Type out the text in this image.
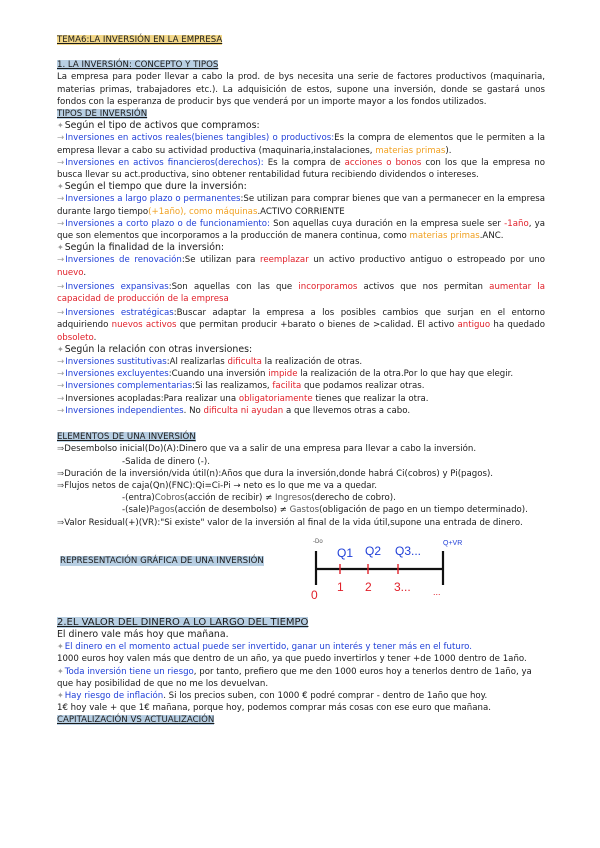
TEMA6:LA INVERSIÓN EN LA EMPRESA

1. LA INVERSIÓN: CONCEPTO Y TIPOS

La empresa para poder llevar a cabo la prod. de bys necesita una serie de factores productivos (maquinaria, materias primas, trabajadores etc.). La adquisición de estos, supone una inversión, donde se gastará unos fondos con la esperanza de producir bys que venderá por un importe mayor a los fondos utilizados.

TIPOS DE INVERSIÓN

✦Según el tipo de activos que compramos:

→Inversiones en activos reales(bienes tangibles) o productivos:Es la compra de elementos que le permiten a la empresa llevar a cabo su actividad productiva (maquinaria,instalaciones, materias primas).

→Inversiones en activos financieros(derechos): Es la compra de acciones o bonos con los que la empresa no busca llevar su act.productiva, sino obtener rentabilidad futura recibiendo dividendos o intereses.

✦Según el tiempo que dure la inversión:

→Inversiones a largo plazo o permanentes:Se utilizan para comprar bienes que van a permanecer en la empresa durante largo tiempo(+1año), como máquinas.ACTIVO CORRIENTE

→Inversiones a corto plazo o de funcionamiento: Son aquellas cuya duración en la empresa suele ser -1año, ya que son elementos que incorporamos a la producción de manera continua, como materias primas.ANC.

✦Según la finalidad de la inversión:

→Inversiones de renovación:Se utilizan para reemplazar un activo productivo antiguo o estropeado por uno nuevo.

→Inversiones expansivas:Son aquellas con las que incorporamos activos que nos permitan aumentar la capacidad de producción de la empresa

→Inversiones estratégicas:Buscar adaptar la empresa a los posibles cambios que surjan en el entorno adquiriendo nuevos activos que permitan producir +barato o bienes de >calidad. El activo antiguo ha quedado obsoleto.

✦Según la relación con otras inversiones:

→Inversiones sustitutivas:Al realizarlas dificulta la realización de otras.

→Inversiones excluyentes:Cuando una inversión impide la realización de la otra.Por lo que hay que elegir.

→Inversiones complementarias:Si las realizamos, facilita que podamos realizar otras.

→Inversiones acopladas:Para realizar una obligatoriamente tienes que realizar la otra.

→Inversiones independientes. No dificulta ni ayudan a que llevemos otras a cabo.

ELEMENTOS DE UNA INVERSIÓN

⇒Desembolso inicial(Do)(A):Dinero que va a salir de una empresa para llevar a cabo la inversión.

-Salida de dinero (-).

⇒Duración de la inversión/vida útil(n):Años que dura la inversión,donde habrá Ci(cobros) y Pi(pagos).

⇒Flujos netos de caja(Qn)(FNC):Qi=Ci-Pi → neto es lo que me va a quedar.

-(entra)Cobros(acción de recibir) ≠ Ingresos(derecho de cobro).

-(sale)Pagos(acción de desembolso) ≠ Gastos(obligación de pago en un tiempo determinado).

⇒Valor Residual(+)(VR):"Si existe" valor de la inversión al final de la vida útil,supone una entrada de dinero.

REPRESENTACIÓN GRÁFICA DE UNA INVERSIÓN

-Do
Q1 Q2 Q3...
Q+VR
0
1 2 3... ...

2.EL VALOR DEL DINERO A LO LARGO DEL TIEMPO

El dinero vale más hoy que mañana.

✦El dinero en el momento actual puede ser invertido, ganar un interés y tener más en el futuro.

1000 euros hoy valen más que dentro de un año, ya que puedo invertirlos y tener +de 1000 dentro de 1año.

✦Toda inversión tiene un riesgo, por tanto, prefiero que me den 1000 euros hoy a tenerlos dentro de 1año, ya que hay posibilidad de que no me los devuelvan.

✦Hay riesgo de inflación. Si los precios suben, con 1000 € podré comprar - dentro de 1año que hoy.

1€ hoy vale + que 1€ mañana, porque hoy, podemos comprar más cosas con ese euro que mañana.

CAPITALIZACIÓN VS ACTUALIZACIÓN
